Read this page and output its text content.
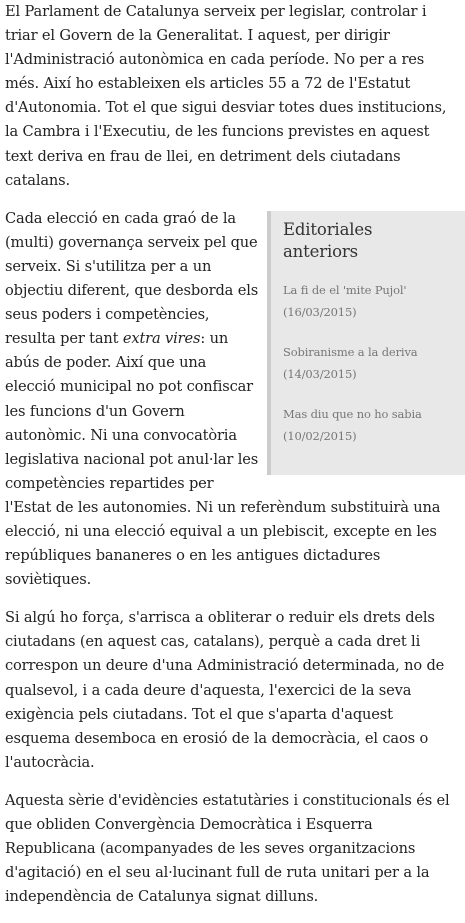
El Parlament de Catalunya serveix per legislar, controlar i triar el Govern de la Generalitat. I aquest, per dirigir l'Administració autonòmica en cada període. No per a res més. Així ho estableixen els articles 55 a 72 de l'Estatut d'Autonomia. Tot el que sigui desviar totes dues institucions, la Cambra i l'Executiu, de les funcions previstes en aquest text deriva en frau de llei, en detriment dels ciutadans catalans.

Editoriales anteriors
La fi de el 'mite Pujol'
(16/03/2015)
Sobiranisme a la deriva
(14/03/2015)
Mas diu que no ho sabia
(10/02/2015)
Cada elecció en cada graó de la (multi) governança serveix pel que serveix. Si s'utilitza per a un objectiu diferent, que desborda els seus poders i competències, resulta per tant extra vires: un abús de poder. Així que una elecció municipal no pot confiscar les funcions d'un Govern autonòmic. Ni una convocatòria legislativa nacional pot anul·lar les competències repartides per l'Estat de les autonomies. Ni un referèndum substituirà una elecció, ni una elecció equival a un plebiscit, excepte en les repúbliques bananeres o en les antigues dictadures soviètiques.

Si algú ho força, s'arrisca a obliterar o reduir els drets dels ciutadans (en aquest cas, catalans), perquè a cada dret li correspon un deure d'una Administració determinada, no de qualsevol, i a cada deure d'aquesta, l'exercici de la seva exigència pels ciutadans. Tot el que s'aparta d'aquest esquema desemboca en erosió de la democràcia, el caos o l'autocràcia.

Aquesta sèrie d'evidències estatutàries i constitucionals és el que obliden Convergència Democràtica i Esquerra Republicana (acompanyades de les seves organitzacions d'agitació) en el seu al·lucinant full de ruta unitari per a la independència de Catalunya signat dilluns.
